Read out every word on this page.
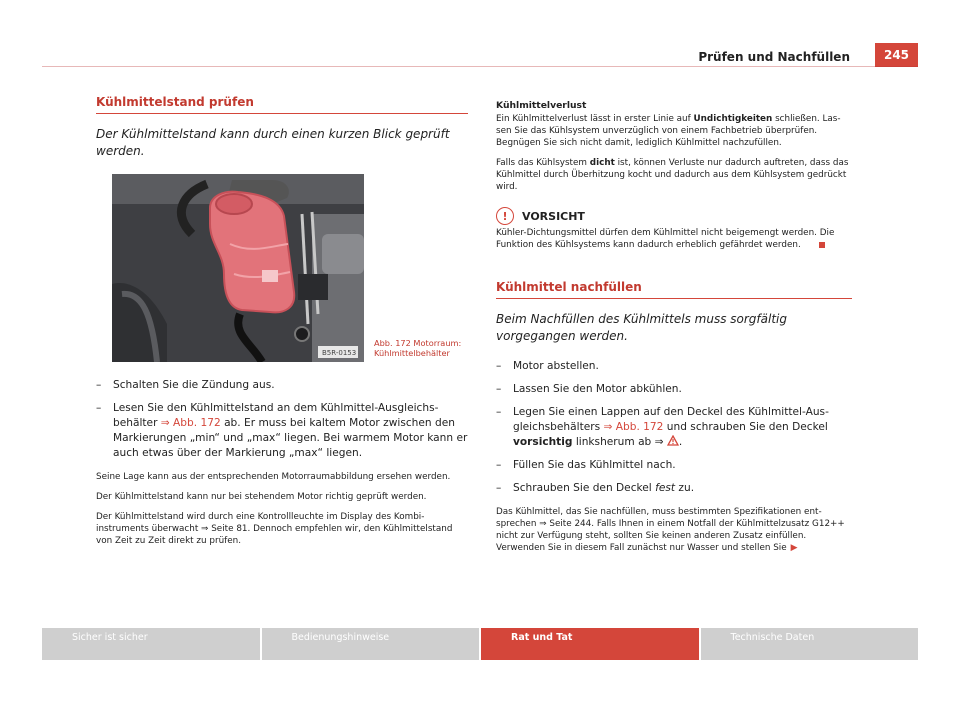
Prüfen und Nachfüllen	245
Kühlmittelstand prüfen

Der Kühlmittelstand kann durch einen kurzen Blick geprüft werden.

B5R-0153
Abb. 172 Motorraum:
Kühlmittelbehälter
– Schalten Sie die Zündung aus.
– Lesen Sie den Kühlmittelstand an dem Kühlmittel-Ausgleichsbehälter ⇒ Abb. 172 ab. Er muss bei kaltem Motor zwischen den Markierungen „min“ und „max“ liegen. Bei warmem Motor kann er auch etwas über der Markierung „max“ liegen.

Seine Lage kann aus der entsprechenden Motorraumabbildung ersehen werden.

Der Kühlmittelstand kann nur bei stehendem Motor richtig geprüft werden.

Der Kühlmittelstand wird durch eine Kontrollleuchte im Display des Kombiinstruments überwacht ⇒ Seite 81. Dennoch empfehlen wir, den Kühlmittelstand von Zeit zu Zeit direkt zu prüfen.

Kühlmittelverlust

Ein Kühlmittelverlust lässt in erster Linie auf Undichtigkeiten schließen. Lassen Sie das Kühlsystem unverzüglich von einem Fachbetrieb überprüfen. Begnügen Sie sich nicht damit, lediglich Kühlmittel nachzufüllen.

Falls das Kühlsystem dicht ist, können Verluste nur dadurch auftreten, dass das Kühlmittel durch Überhitzung kocht und dadurch aus dem Kühlsystem gedrückt wird.

!	VORSICHT

Kühler-Dichtungsmittel dürfen dem Kühlmittel nicht beigemengt werden. Die Funktion des Kühlsystems kann dadurch erheblich gefährdet werden.

Kühlmittel nachfüllen

Beim Nachfüllen des Kühlmittels muss sorgfältig vorgegangen werden.

– Motor abstellen.
– Lassen Sie den Motor abkühlen.
– Legen Sie einen Lappen auf den Deckel des Kühlmittel-Ausgleichsbehälters ⇒ Abb. 172 und schrauben Sie den Deckel vorsichtig linksherum ab ⇒ .
– Füllen Sie das Kühlmittel nach.
– Schrauben Sie den Deckel fest zu.

Das Kühlmittel, das Sie nachfüllen, muss bestimmten Spezifikationen entsprechen ⇒ Seite 244. Falls Ihnen in einem Notfall der Kühlmittelzusatz G12++ nicht zur Verfügung steht, sollten Sie keinen anderen Zusatz einfüllen. Verwenden Sie in diesem Fall zunächst nur Wasser und stellen Sie ▶

Sicher ist sicher	Bedienungshinweise	Rat und Tat	Technische Daten
